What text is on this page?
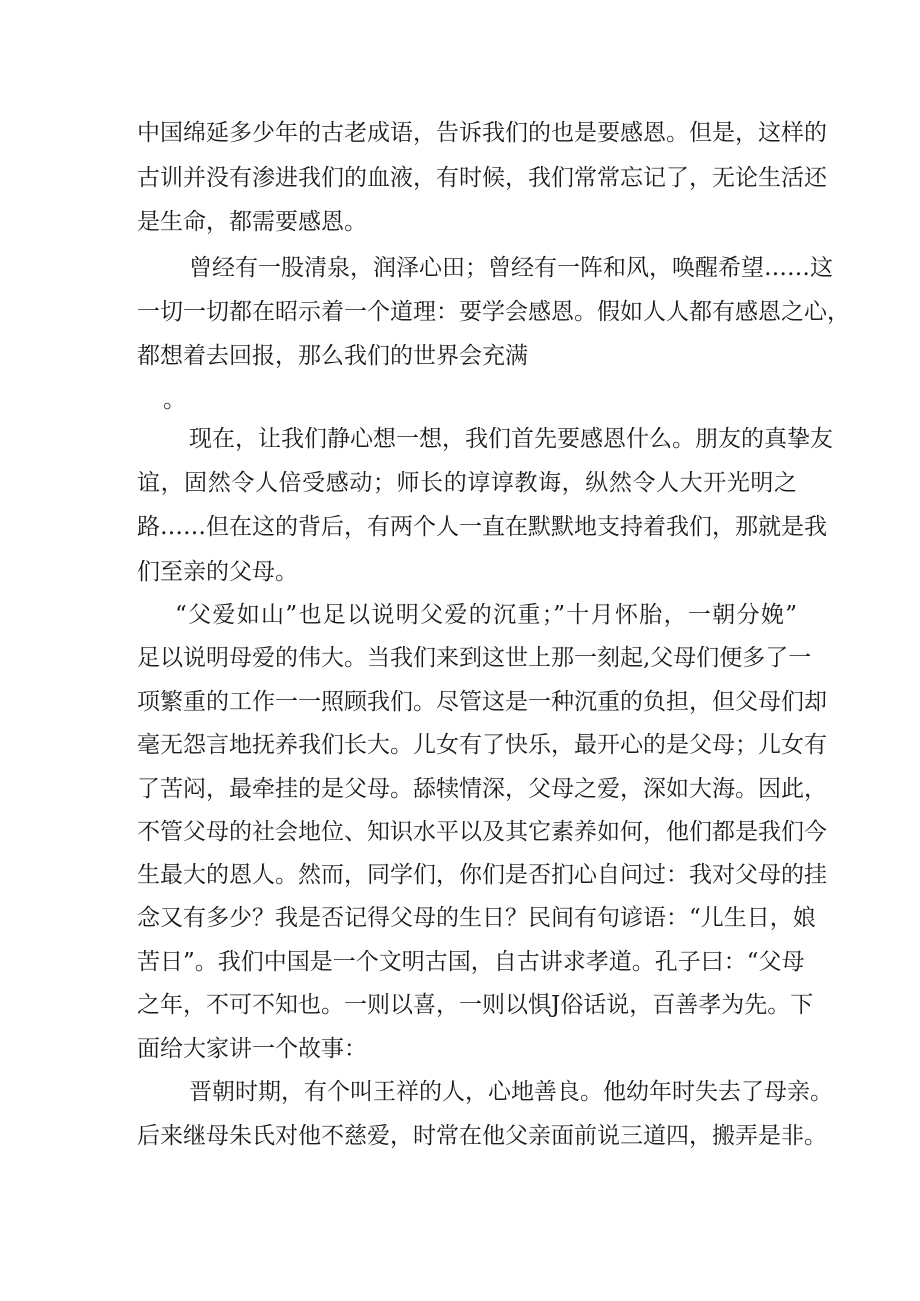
中国绵延多少年的古老成语，告诉我们的也是要感恩。但是，这样的
古训并没有渗进我们的血液，有时候，我们常常忘记了，无论生活还
是生命，都需要感恩。
曾经有一股清泉，润泽心田；曾经有一阵和风，唤醒希望……这
一切一切都在昭示着一个道理：要学会感恩。假如人人都有感恩之心，
都想着去回报，那么我们的世界会充满
。
现在，让我们静心想一想，我们首先要感恩什么。朋友的真挚友
谊，固然令人倍受感动；师长的谆谆教诲，纵然令人大开光明之
路……但在这的背后，有两个人一直在默默地支持着我们，那就是我
们至亲的父母。
“父爱如山”也足以说明父爱的沉重；”十月怀胎，一朝分娩”
足以说明母爱的伟大。当我们来到这世上那一刻起,父母们便多了一
项繁重的工作一一照顾我们。尽管这是一种沉重的负担，但父母们却
毫无怨言地抚养我们长大。儿女有了快乐，最开心的是父母；儿女有
了苦闷，最牵挂的是父母。舔犊情深，父母之爱，深如大海。因此，
不管父母的社会地位、知识水平以及其它素养如何，他们都是我们今
生最大的恩人。然而，同学们，你们是否扪心自问过：我对父母的挂
念又有多少？我是否记得父母的生日？民间有句谚语：“儿生日，娘
苦日”。我们中国是一个文明古国，自古讲求孝道。孔子曰：“父母
之年，不可不知也。一则以喜，一则以惧J俗话说，百善孝为先。下
面给大家讲一个故事：
晋朝时期，有个叫王祥的人，心地善良。他幼年时失去了母亲。
后来继母朱氏对他不慈爱，时常在他父亲面前说三道四，搬弄是非。
